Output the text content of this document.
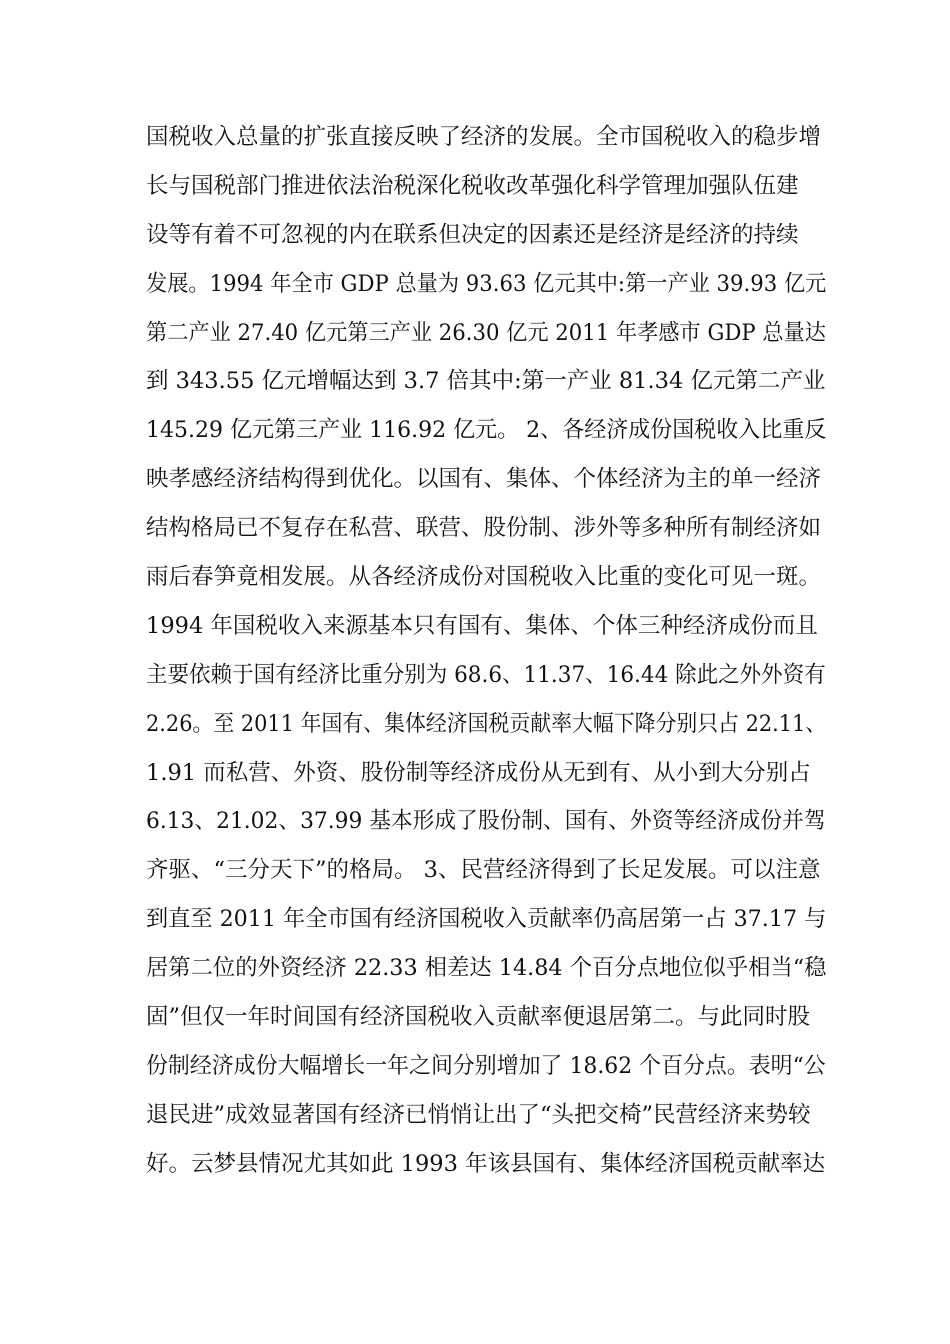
国税收入总量的扩张直接反映了经济的发展。全市国税收入的稳步增
长与国税部门推进依法治税深化税收改革强化科学管理加强队伍建
设等有着不可忽视的内在联系但决定的因素还是经济是经济的持续
发展。1994 年全市 GDP 总量为 93.63 亿元其中:第一产业 39.93 亿元
第二产业 27.40 亿元第三产业 26.30 亿元 2011 年孝感市 GDP 总量达
到 343.55 亿元增幅达到 3.7 倍其中:第一产业 81.34 亿元第二产业
145.29 亿元第三产业 116.92 亿元。 2、各经济成份国税收入比重反
映孝感经济结构得到优化。以国有、集体、个体经济为主的单一经济
结构格局已不复存在私营、联营、股份制、涉外等多种所有制经济如
雨后春笋竟相发展。从各经济成份对国税收入比重的变化可见一斑。
1994 年国税收入来源基本只有国有、集体、个体三种经济成份而且
主要依赖于国有经济比重分别为 68.6、11.37、16.44 除此之外外资有
2.26。至 2011 年国有、集体经济国税贡献率大幅下降分别只占 22.11、
1.91 而私营、外资、股份制等经济成份从无到有、从小到大分别占
6.13、21.02、37.99 基本形成了股份制、国有、外资等经济成份并驾
齐驱、“三分天下”的格局。 3、民营经济得到了长足发展。可以注意
到直至 2011 年全市国有经济国税收入贡献率仍高居第一占 37.17 与
居第二位的外资经济 22.33 相差达 14.84 个百分点地位似乎相当“稳
固”但仅一年时间国有经济国税收入贡献率便退居第二。与此同时股
份制经济成份大幅增长一年之间分别增加了 18.62 个百分点。表明“公
退民进”成效显著国有经济已悄悄让出了“头把交椅”民营经济来势较
好。云梦县情况尤其如此 1993 年该县国有、集体经济国税贡献率达
